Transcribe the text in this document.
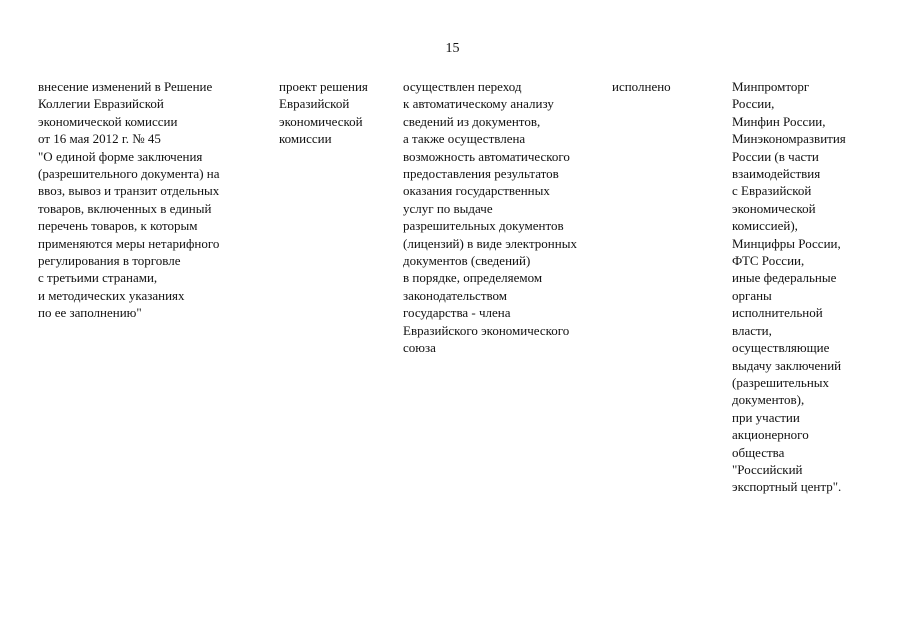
15
внесение изменений в Решение
Коллегии Евразийской
экономической комиссии
от 16 мая 2012 г. № 45
"О единой форме заключения
(разрешительного документа) на
ввоз, вывоз и транзит отдельных
товаров, включенных в единый
перечень товаров, к которым
применяются меры нетарифного
регулирования в торговле
с третьими странами,
и методических указаниях
по ее заполнению"
проект решения
Евразийской
экономической
комиссии
осуществлен переход
к автоматическому анализу
сведений из документов,
а также осуществлена
возможность автоматического
предоставления результатов
оказания государственных
услуг по выдаче
разрешительных документов
(лицензий) в виде электронных
документов (сведений)
в порядке, определяемом
законодательством
государства - члена
Евразийского экономического
союза
исполнено	Минпромторг
России,
Минфин России,
Минэкономразвития
России (в части
взаимодействия
с Евразийской
экономической
комиссией),
Минцифры России,
ФТС России,
иные федеральные
органы
исполнительной
власти,
осуществляющие
выдачу заключений
(разрешительных
документов),
при участии
акционерного
общества
"Российский
экспортный центр".
